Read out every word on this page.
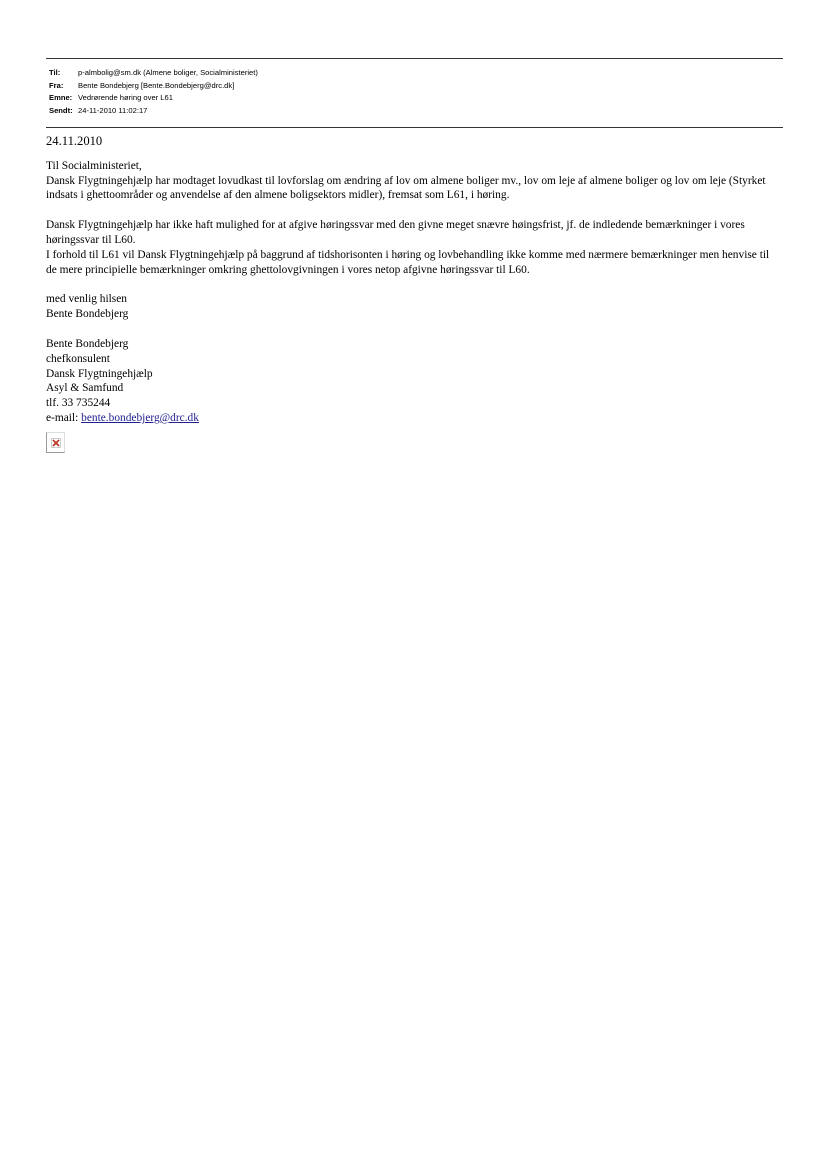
Til:	p-almbolig@sm.dk (Almene boliger, Socialministeriet)
Fra:	Bente Bondebjerg [Bente.Bondebjerg@drc.dk]
Emne: Vedrørende høring over L61
Sendt: 24-11-2010 11:02:17
24.11.2010

Til Socialministeriet,

Dansk Flygtningehjælp har modtaget lovudkast til lovforslag om ændring af lov om almene boliger mv., lov om leje af almene boliger og lov om leje (Styrket

indsats i ghettoområder og anvendelse af den almene boligsektors midler), fremsat som L61, i høring.

Dansk Flygtningehjælp har ikke haft mulighed for at afgive høringssvar med den givne meget snævre høingsfrist, jf. de indledende bemærkninger i vores

høringssvar til L60.

I forhold til L61 vil Dansk Flygtningehjælp på baggrund af tidshorisonten i høring og lovbehandling ikke komme med nærmere bemærkninger men henvise til

de mere principielle bemærkninger omkring ghettolovgivningen i vores netop afgivne høringssvar til L60.

med venlig hilsen

Bente Bondebjerg

Bente Bondebjerg

chefkonsulent

Dansk Flygtningehjælp

Asyl & Samfund

tlf. 33 735244

e-mail: bente.bondebjerg@drc.dk
